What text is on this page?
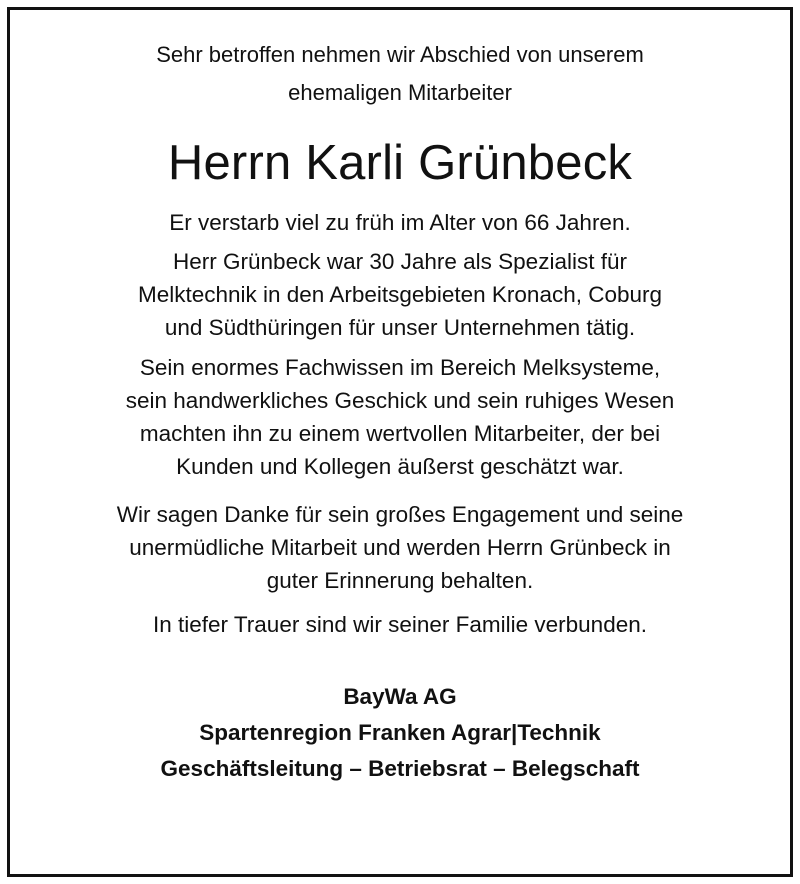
Sehr betroffen nehmen wir Abschied von unserem
ehemaligen Mitarbeiter
Herrn Karli Grünbeck
Er verstarb viel zu früh im Alter von 66 Jahren.
Herr Grünbeck war 30 Jahre als Spezialist für
Melktechnik in den Arbeitsgebieten Kronach, Coburg
und Südthüringen für unser Unternehmen tätig.
Sein enormes Fachwissen im Bereich Melksysteme,
sein handwerkliches Geschick und sein ruhiges Wesen
machten ihn zu einem wertvollen Mitarbeiter, der bei
Kunden und Kollegen äußerst geschätzt war.
Wir sagen Danke für sein großes Engagement und seine
unermüdliche Mitarbeit und werden Herrn Grünbeck in
guter Erinnerung behalten.
In tiefer Trauer sind wir seiner Familie verbunden.
BayWa AG
Spartenregion Franken Agrar|Technik
Geschäftsleitung – Betriebsrat – Belegschaft
